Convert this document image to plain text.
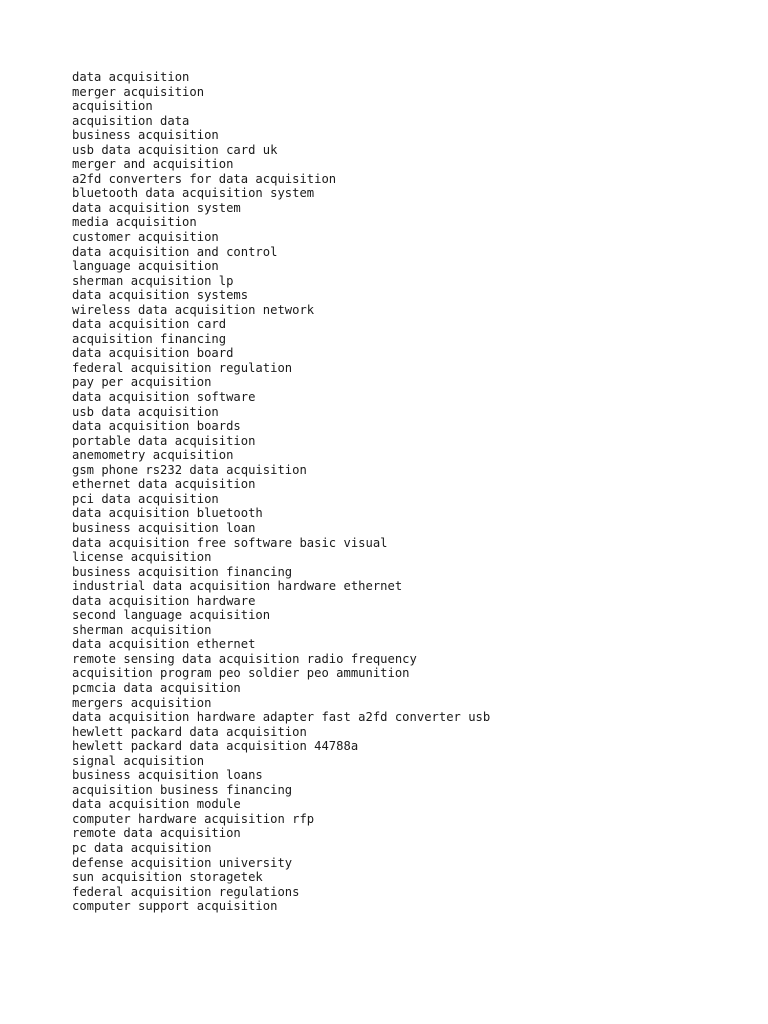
data acquisition
merger acquisition
acquisition
acquisition data
business acquisition
usb data acquisition card uk
merger and acquisition
a2fd converters for data acquisition
bluetooth data acquisition system
data acquisition system
media acquisition
customer acquisition
data acquisition and control
language acquisition
sherman acquisition lp
data acquisition systems
wireless data acquisition network
data acquisition card
acquisition financing
data acquisition board
federal acquisition regulation
pay per acquisition
data acquisition software
usb data acquisition
data acquisition boards
portable data acquisition
anemometry acquisition
gsm phone rs232 data acquisition
ethernet data acquisition
pci data acquisition
data acquisition bluetooth
business acquisition loan
data acquisition free software basic visual
license acquisition
business acquisition financing
industrial data acquisition hardware ethernet
data acquisition hardware
second language acquisition
sherman acquisition
data acquisition ethernet
remote sensing data acquisition radio frequency
acquisition program peo soldier peo ammunition
pcmcia data acquisition
mergers acquisition
data acquisition hardware adapter fast a2fd converter usb
hewlett packard data acquisition
hewlett packard data acquisition 44788a
signal acquisition
business acquisition loans
acquisition business financing
data acquisition module
computer hardware acquisition rfp
remote data acquisition
pc data acquisition
defense acquisition university
sun acquisition storagetek
federal acquisition regulations
computer support acquisition
